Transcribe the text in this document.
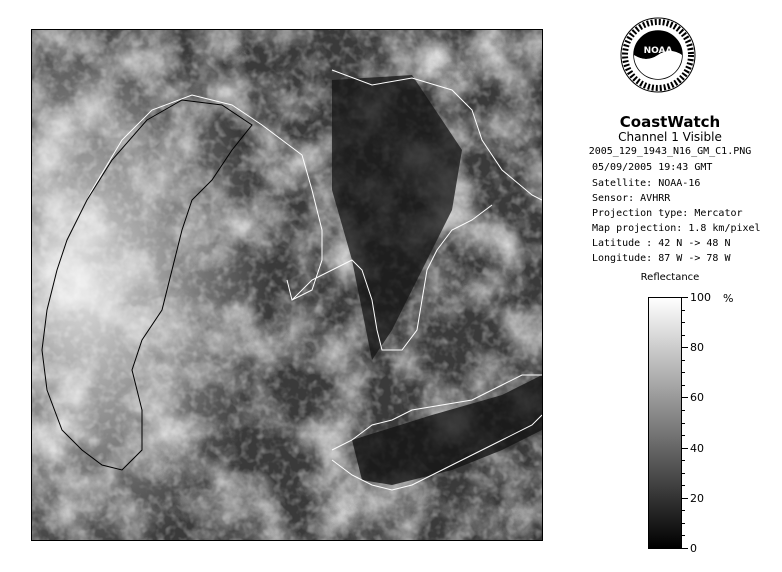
NOAA
CoastWatch
Channel 1 Visible
2005_129_1943_N16_GM_C1.PNG
05/09/2005 19:43 GMT
Satellite: NOAA-16
Sensor: AVHRR
Projection type: Mercator
Map projection: 1.8 km/pixel
Latitude : 42 N -> 48 N
Longitude: 87 W -> 78 W
Reflectance
%
100
80
60
40
20
0
